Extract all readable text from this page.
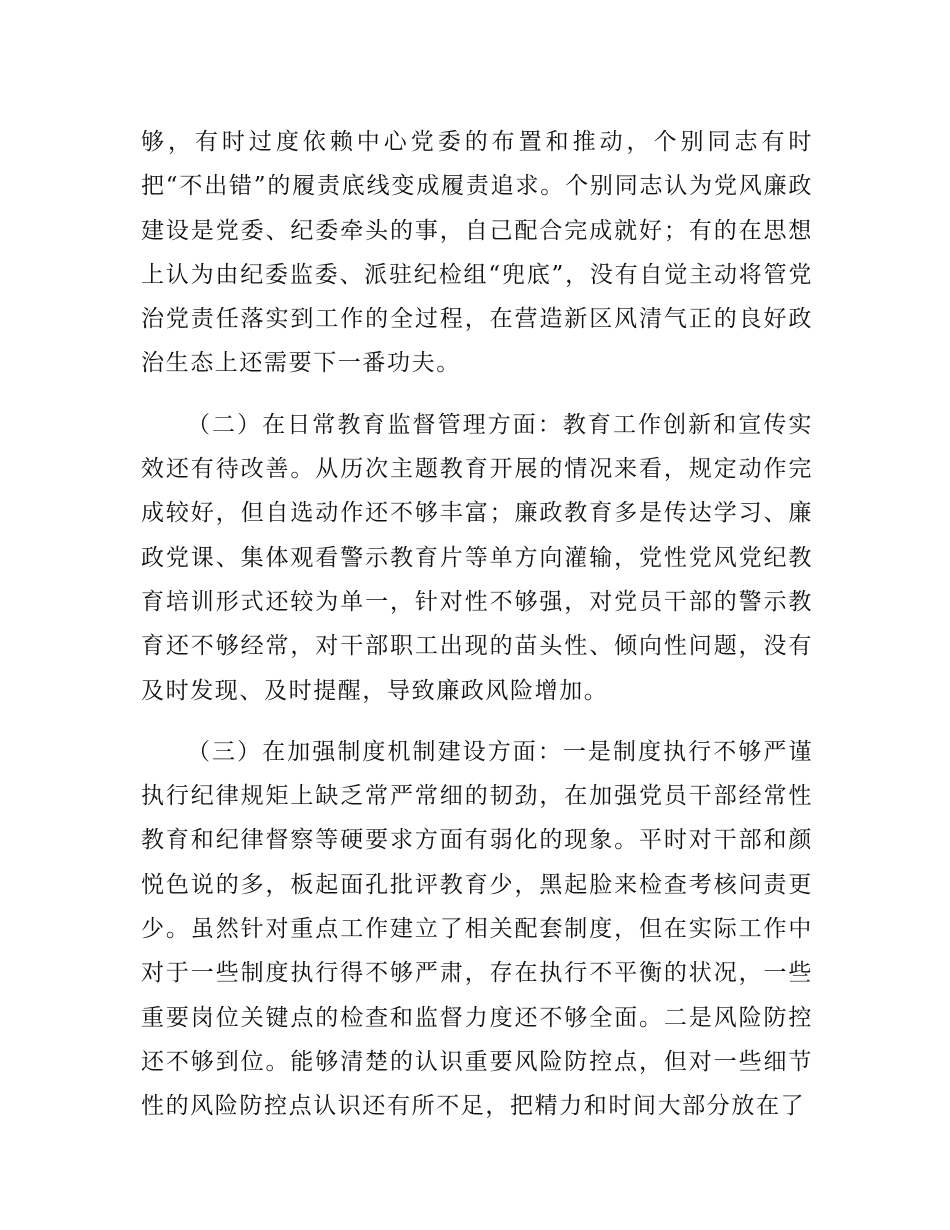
够，有时过度依赖中心党委的布置和推动，个别同志有时把“不出错”的履责底线变成履责追求。个别同志认为党风廉政建设是党委、纪委牵头的事，自己配合完成就好；有的在思想上认为由纪委监委、派驻纪检组“兜底”，没有自觉主动将管党治党责任落实到工作的全过程，在营造新区风清气正的良好政治生态上还需要下一番功夫。

（二）在日常教育监督管理方面：教育工作创新和宣传实效还有待改善。从历次主题教育开展的情况来看，规定动作完成较好，但自选动作还不够丰富；廉政教育多是传达学习、廉政党课、集体观看警示教育片等单方向灌输，党性党风党纪教育培训形式还较为单一，针对性不够强，对党员干部的警示教育还不够经常，对干部职工出现的苗头性、倾向性问题，没有及时发现、及时提醒，导致廉政风险增加。

（三）在加强制度机制建设方面：一是制度执行不够严谨执行纪律规矩上缺乏常严常细的韧劲，在加强党员干部经常性教育和纪律督察等硬要求方面有弱化的现象。平时对干部和颜悦色说的多，板起面孔批评教育少，黑起脸来检查考核问责更少。虽然针对重点工作建立了相关配套制度，但在实际工作中对于一些制度执行得不够严肃，存在执行不平衡的状况，一些重要岗位关键点的检查和监督力度还不够全面。二是风险防控还不够到位。能够清楚的认识重要风险防控点，但对一些细节性的风险防控点认识还有所不足，把精力和时间大部分放在了
